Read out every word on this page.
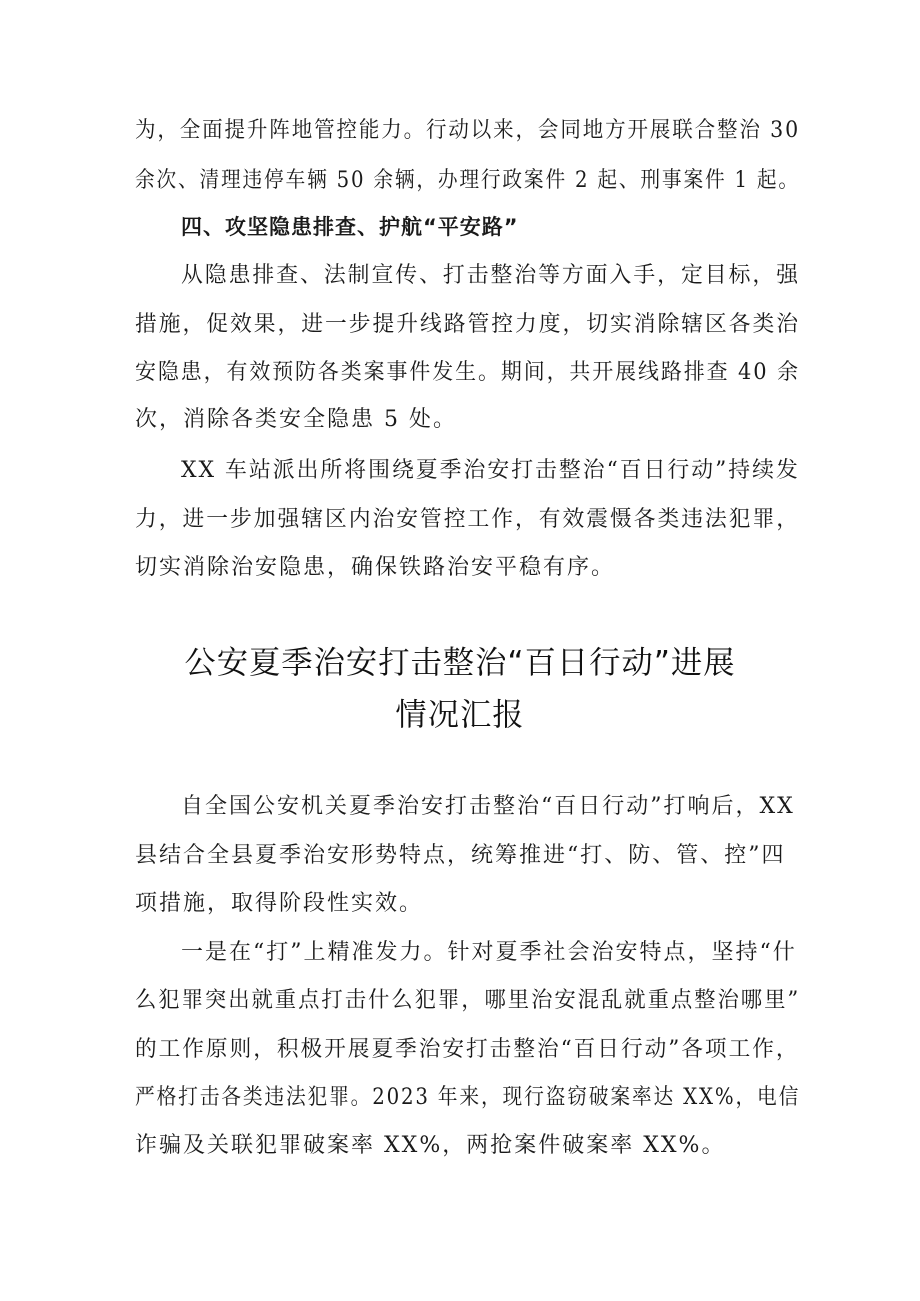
为，全面提升阵地管控能力。行动以来，会同地方开展联合整治 30
余次、清理违停车辆 50 余辆，办理行政案件 2 起、刑事案件 1 起。
四、攻坚隐患排查、护航“平安路”
从隐患排查、法制宣传、打击整治等方面入手，定目标，强
措施，促效果，进一步提升线路管控力度，切实消除辖区各类治
安隐患，有效预防各类案事件发生。期间，共开展线路排查 40 余
次，消除各类安全隐患 5 处。
XX 车站派出所将围绕夏季治安打击整治“百日行动”持续发
力，进一步加强辖区内治安管控工作，有效震慑各类违法犯罪，
切实消除治安隐患，确保铁路治安平稳有序。
公安夏季治安打击整治“百日行动”进展
情况汇报
自全国公安机关夏季治安打击整治“百日行动”打响后，XX
县结合全县夏季治安形势特点，统筹推进“打、防、管、控”四
项措施，取得阶段性实效。
一是在“打”上精准发力。针对夏季社会治安特点，坚持“什
么犯罪突出就重点打击什么犯罪，哪里治安混乱就重点整治哪里”
的工作原则，积极开展夏季治安打击整治“百日行动”各项工作，
严格打击各类违法犯罪。2023 年来，现行盗窃破案率达 XX%，电信
诈骗及关联犯罪破案率 XX%，两抢案件破案率 XX%。
